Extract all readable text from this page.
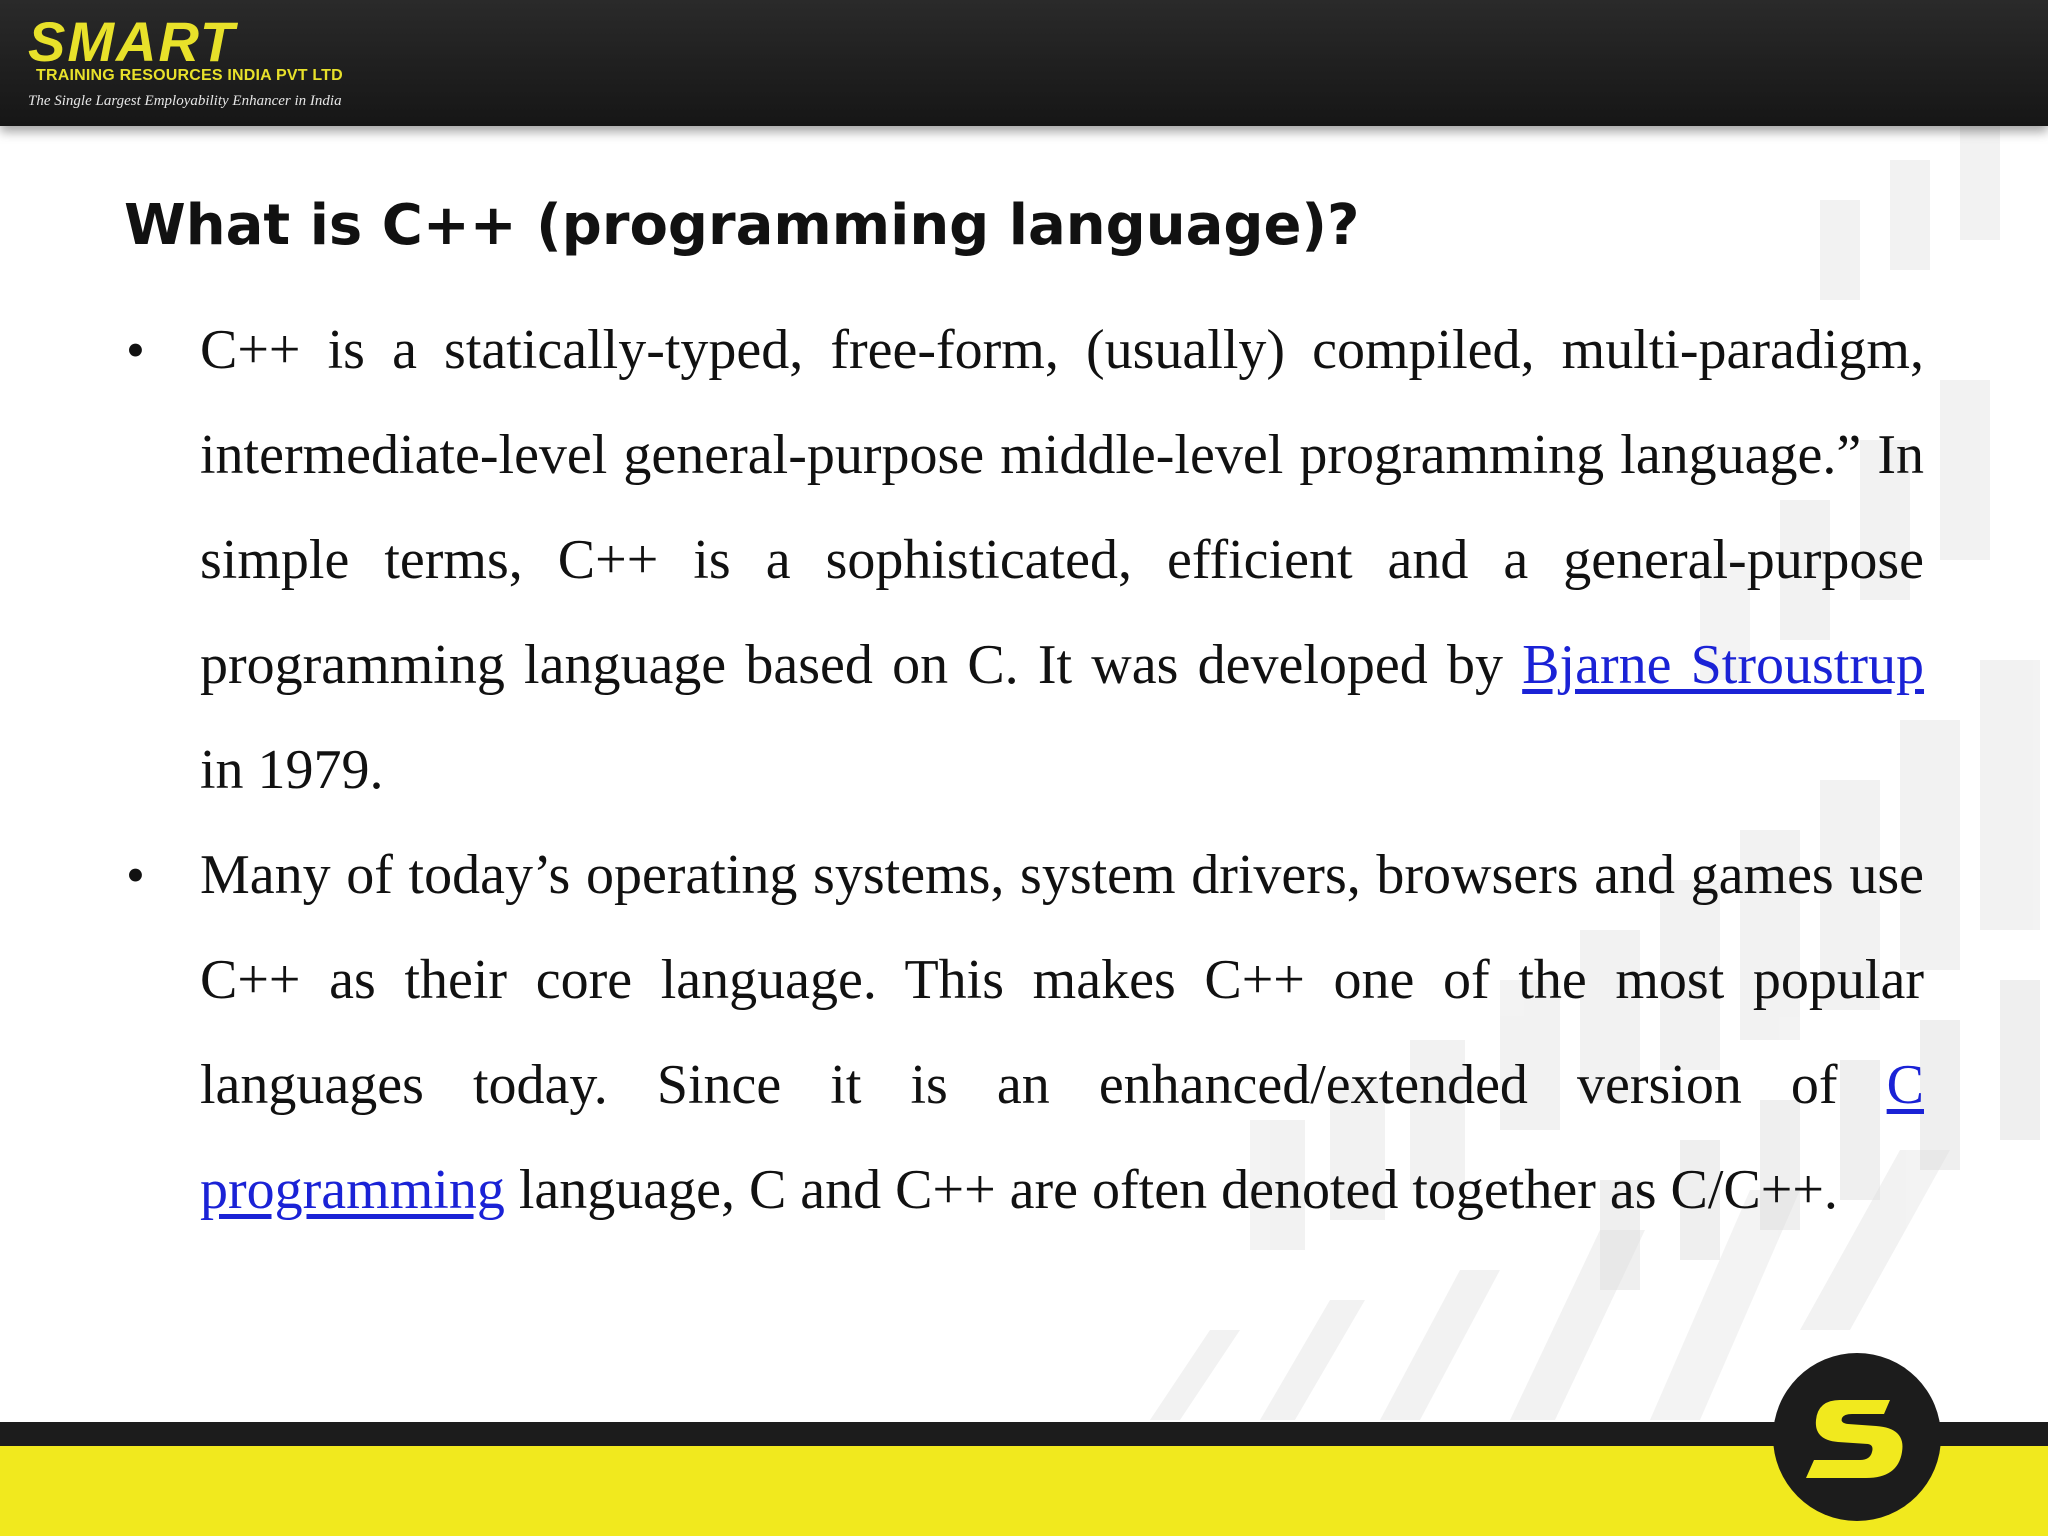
SMART
TRAINING RESOURCES INDIA PVT LTD
The Single Largest Employability Enhancer in India
What is C++ (programming language)?
• C++ is a statically-typed, free-form, (usually) compiled, multi-paradigm, intermediate-level general-purpose middle-level programming language.” In simple terms, C++ is a sophisticated, efficient and a general-purpose programming language based on C. It was developed by Bjarne Stroustrup in 1979.
• Many of today’s operating systems, system drivers, browsers and games use C++ as their core language. This makes C++ one of the most popular languages today. Since it is an enhanced/extended version of C programming language, C and C++ are often denoted together as C/C++.
